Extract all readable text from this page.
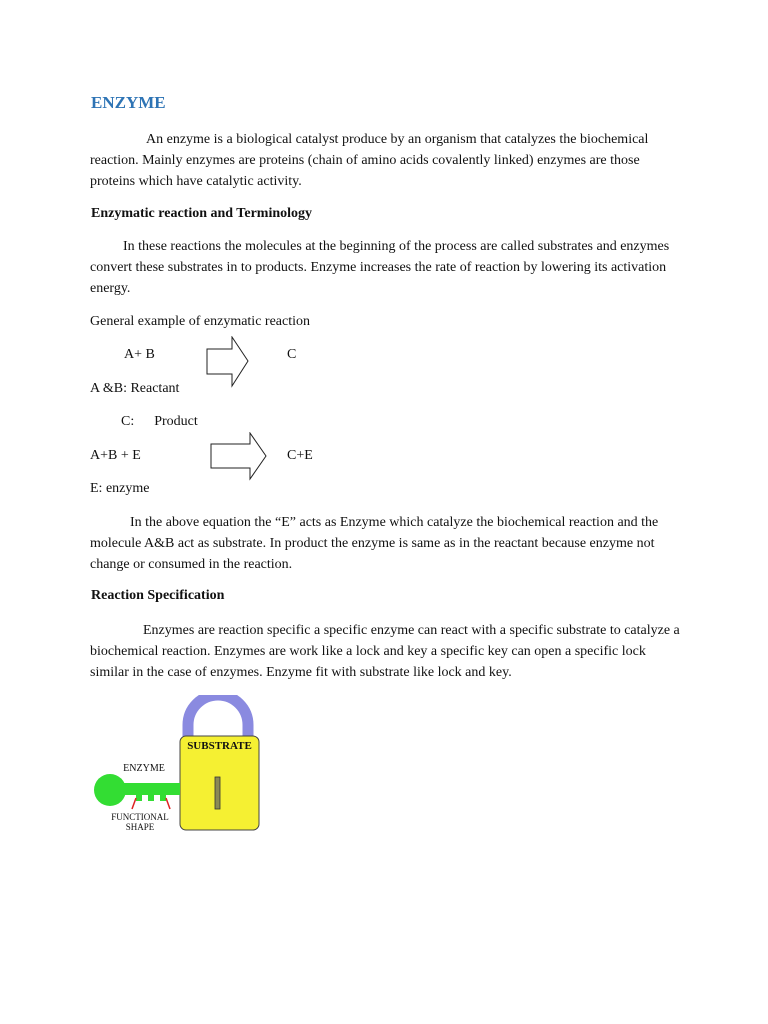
ENZYME
An enzyme is a biological catalyst produce by an organism that catalyzes the biochemical reaction. Mainly enzymes are proteins (chain of amino acids covalently linked) enzymes are those proteins which have catalytic activity.
Enzymatic reaction and Terminology
In these reactions the molecules at the beginning of the process are called substrates and enzymes convert these substrates in to products. Enzyme increases the rate of reaction by lowering its activation energy.
General example of enzymatic reaction
A+ B	C
A &B: Reactant
C: Product
A+B + E	C+E
E: enzyme
In the above equation the “E” acts as Enzyme which catalyze the biochemical reaction and the molecule A&B act as substrate. In product the enzyme is same as in the reactant because enzyme not change or consumed in the reaction.
Reaction Specification
Enzymes are reaction specific a specific enzyme can react with a specific substrate to catalyze a biochemical reaction. Enzymes are work like a lock and key a specific key can open a specific lock similar in the case of enzymes. Enzyme fit with substrate like lock and key.
SUBSTRATE
ENZYME
FUNCTIONAL
SHAPE
